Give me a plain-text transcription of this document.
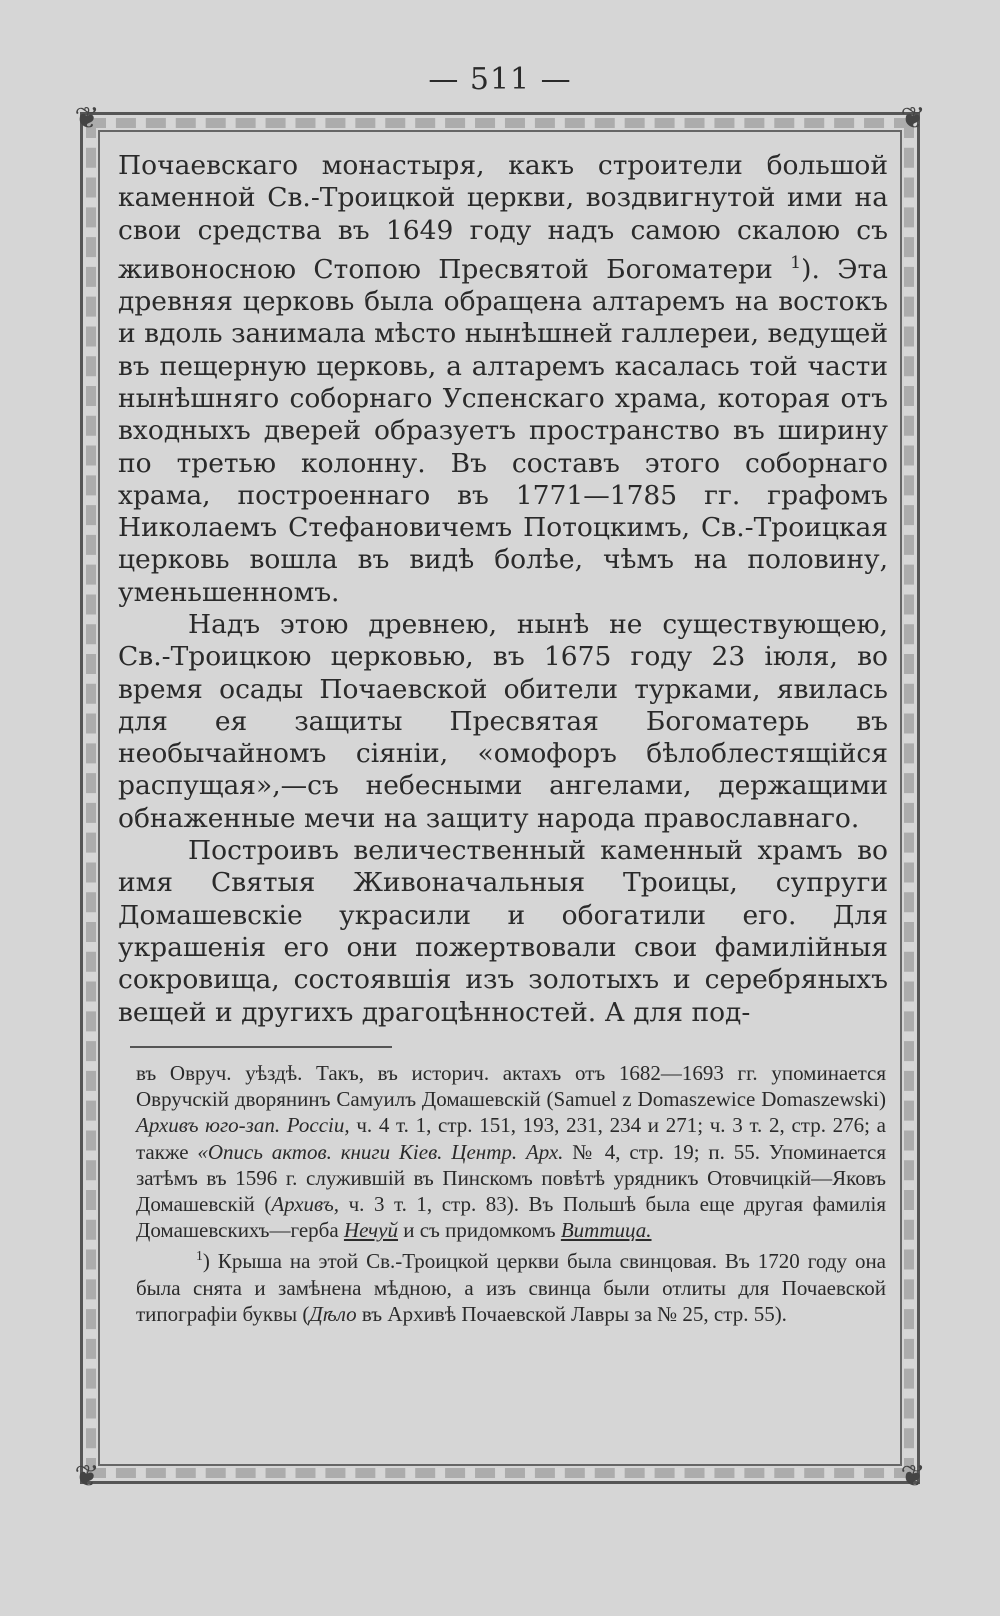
— 511 —
❦	❦
❦	❦

Почаевскаго монастыря, какъ строители большой каменной Св.-Троицкой церкви, воздвигнутой ими на свои средства въ 1649 году надъ самою скалою съ живоносною Стопою Пресвятой Богоматери $^1$). Эта древняя церковь была обращена алтаремъ на востокъ и вдоль занимала мѣсто нынѣшней галлереи, ведущей въ пещерную церковь, а алтаремъ касалась той части нынѣшняго соборнаго Успенскаго храма, которая отъ входныхъ дверей образуетъ пространство въ ширину по третью колонну. Въ составъ этого соборнаго храма, построеннаго въ 1771—1785 гг. графомъ Николаемъ Стефановичемъ Потоцкимъ, Св.-Троицкая церковь вошла въ видѣ болѣе, чѣмъ на половину, уменьшенномъ.

Надъ этою древнею, нынѣ не существующею, Св.-Троицкою церковью, въ 1675 году 23 іюля, во время осады Почаевской обители турками, явилась для ея защиты Пресвятая Богоматерь въ необычайномъ сіяніи, «омофоръ бѣлоблестящійся распущая»,—съ небесными ангелами, держащими обнаженные мечи на защиту народа православнаго.

Построивъ величественный каменный храмъ во имя Святыя Живоначальныя Троицы, супруги Домашевскіе украсили и обогатили его. Для украшенія его они пожертвовали свои фамилійныя сокровища, состоявшія изъ золотыхъ и серебряныхъ вещей и другихъ драгоцѣнностей. А для под-

въ Овруч. уѣздѣ. Такъ, въ историч. актахъ отъ 1682—1693 гг. упоминается Овручскій дворянинъ Самуилъ Домашевскій (Samuel z Domaszewice Domaszewski) Архивъ юго-зап. Россіи, ч. 4 т. 1, стр. 151, 193, 231, 234 и 271; ч. 3 т. 2, стр. 276; а также «Опись актов. книги Кіев. Центр. Арх. № 4, стр. 19; п. 55. Упоминается затѣмъ въ 1596 г. служившій въ Пинскомъ повѣтѣ урядникъ Отовчицкій—Яковъ Домашевскій (Архивъ, ч. 3 т. 1, стр. 83). Въ Польшѣ была еще другая фамилія Домашевскихъ—герба Нечуй и съ придомкомъ Виттица.

$^1$) Крыша на этой Св.-Троицкой церкви была свинцовая. Въ 1720 году она была снята и замѣнена мѣдною, а изъ свинца были отлиты для Почаевской типографіи буквы (Дѣло въ Архивѣ Почаевской Лавры за № 25, стр. 55).
